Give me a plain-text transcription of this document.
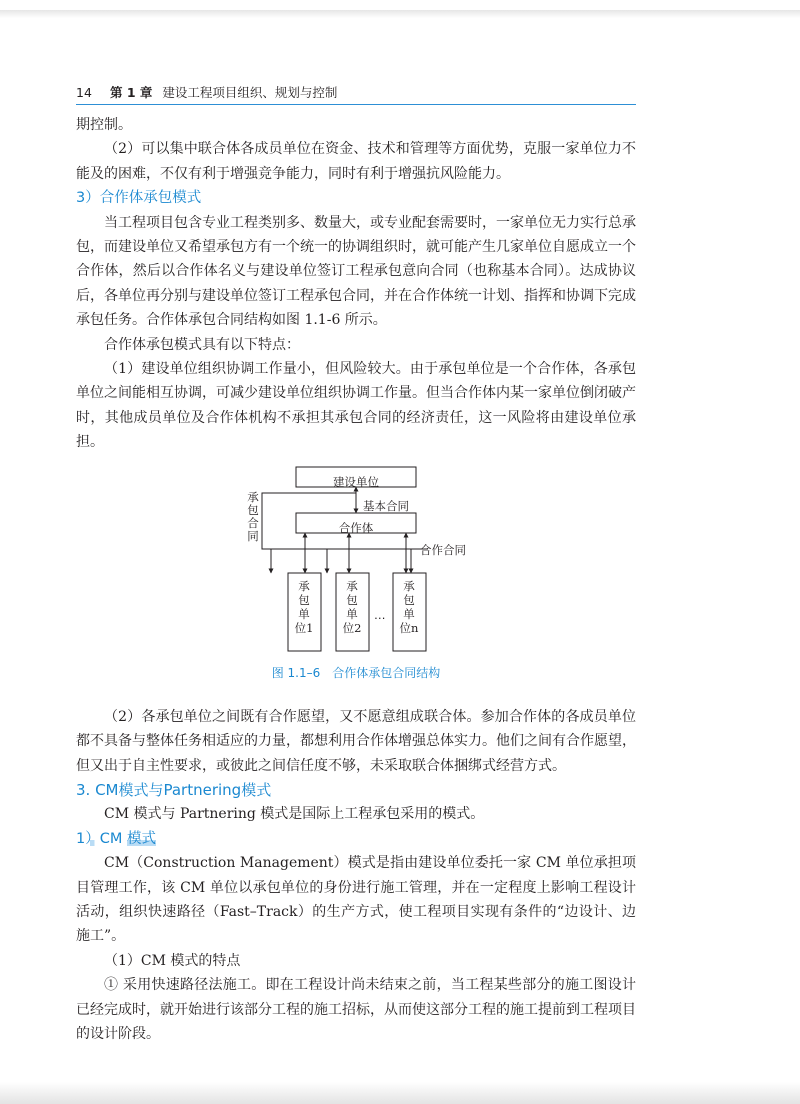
14 第 1 章 建设工程项目组织、规划与控制

期控制。

（2）可以集中联合体各成员单位在资金、技术和管理等方面优势，克服一家单位力不能及的困难，不仅有利于增强竞争能力，同时有利于增强抗风险能力。

3）合作体承包模式

当工程项目包含专业工程类别多、数量大，或专业配套需要时，一家单位无力实行总承包，而建设单位又希望承包方有一个统一的协调组织时，就可能产生几家单位自愿成立一个合作体，然后以合作体名义与建设单位签订工程承包意向合同（也称基本合同）。达成协议后，各单位再分别与建设单位签订工程承包合同，并在合作体统一计划、指挥和协调下完成承包任务。合作体承包合同结构如图 1.1-6 所示。

合作体承包模式具有以下特点：

（1）建设单位组织协调工作量小，但风险较大。由于承包单位是一个合作体，各承包单位之间能相互协调，可减少建设单位组织协调工作量。但当合作体内某一家单位倒闭破产时，其他成员单位及合作体机构不承担其承包合同的经济责任，这一风险将由建设单位承担。

建设单位
基本合同
合作体
承包合同
合作合同
承包单位1
承包单位2
承包单位n
…
图 1.1–6　合作体承包合同结构

（2）各承包单位之间既有合作愿望，又不愿意组成联合体。参加合作体的各成员单位都不具备与整体任务相适应的力量，都想利用合作体增强总体实力。他们之间有合作愿望，但又出于自主性要求，或彼此之间信任度不够，未采取联合体捆绑式经营方式。

3. CM模式与Partnering模式

CM 模式与 Partnering 模式是国际上工程承包采用的模式。

1）CM 模式

CM（Construction Management）模式是指由建设单位委托一家 CM 单位承担项目管理工作，该 CM 单位以承包单位的身份进行施工管理，并在一定程度上影响工程设计活动，组织快速路径（Fast–Track）的生产方式，使工程项目实现有条件的“边设计、边施工”。

（1）CM 模式的特点

① 采用快速路径法施工。即在工程设计尚未结束之前，当工程某些部分的施工图设计已经完成时，就开始进行该部分工程的施工招标，从而使这部分工程的施工提前到工程项目的设计阶段。
